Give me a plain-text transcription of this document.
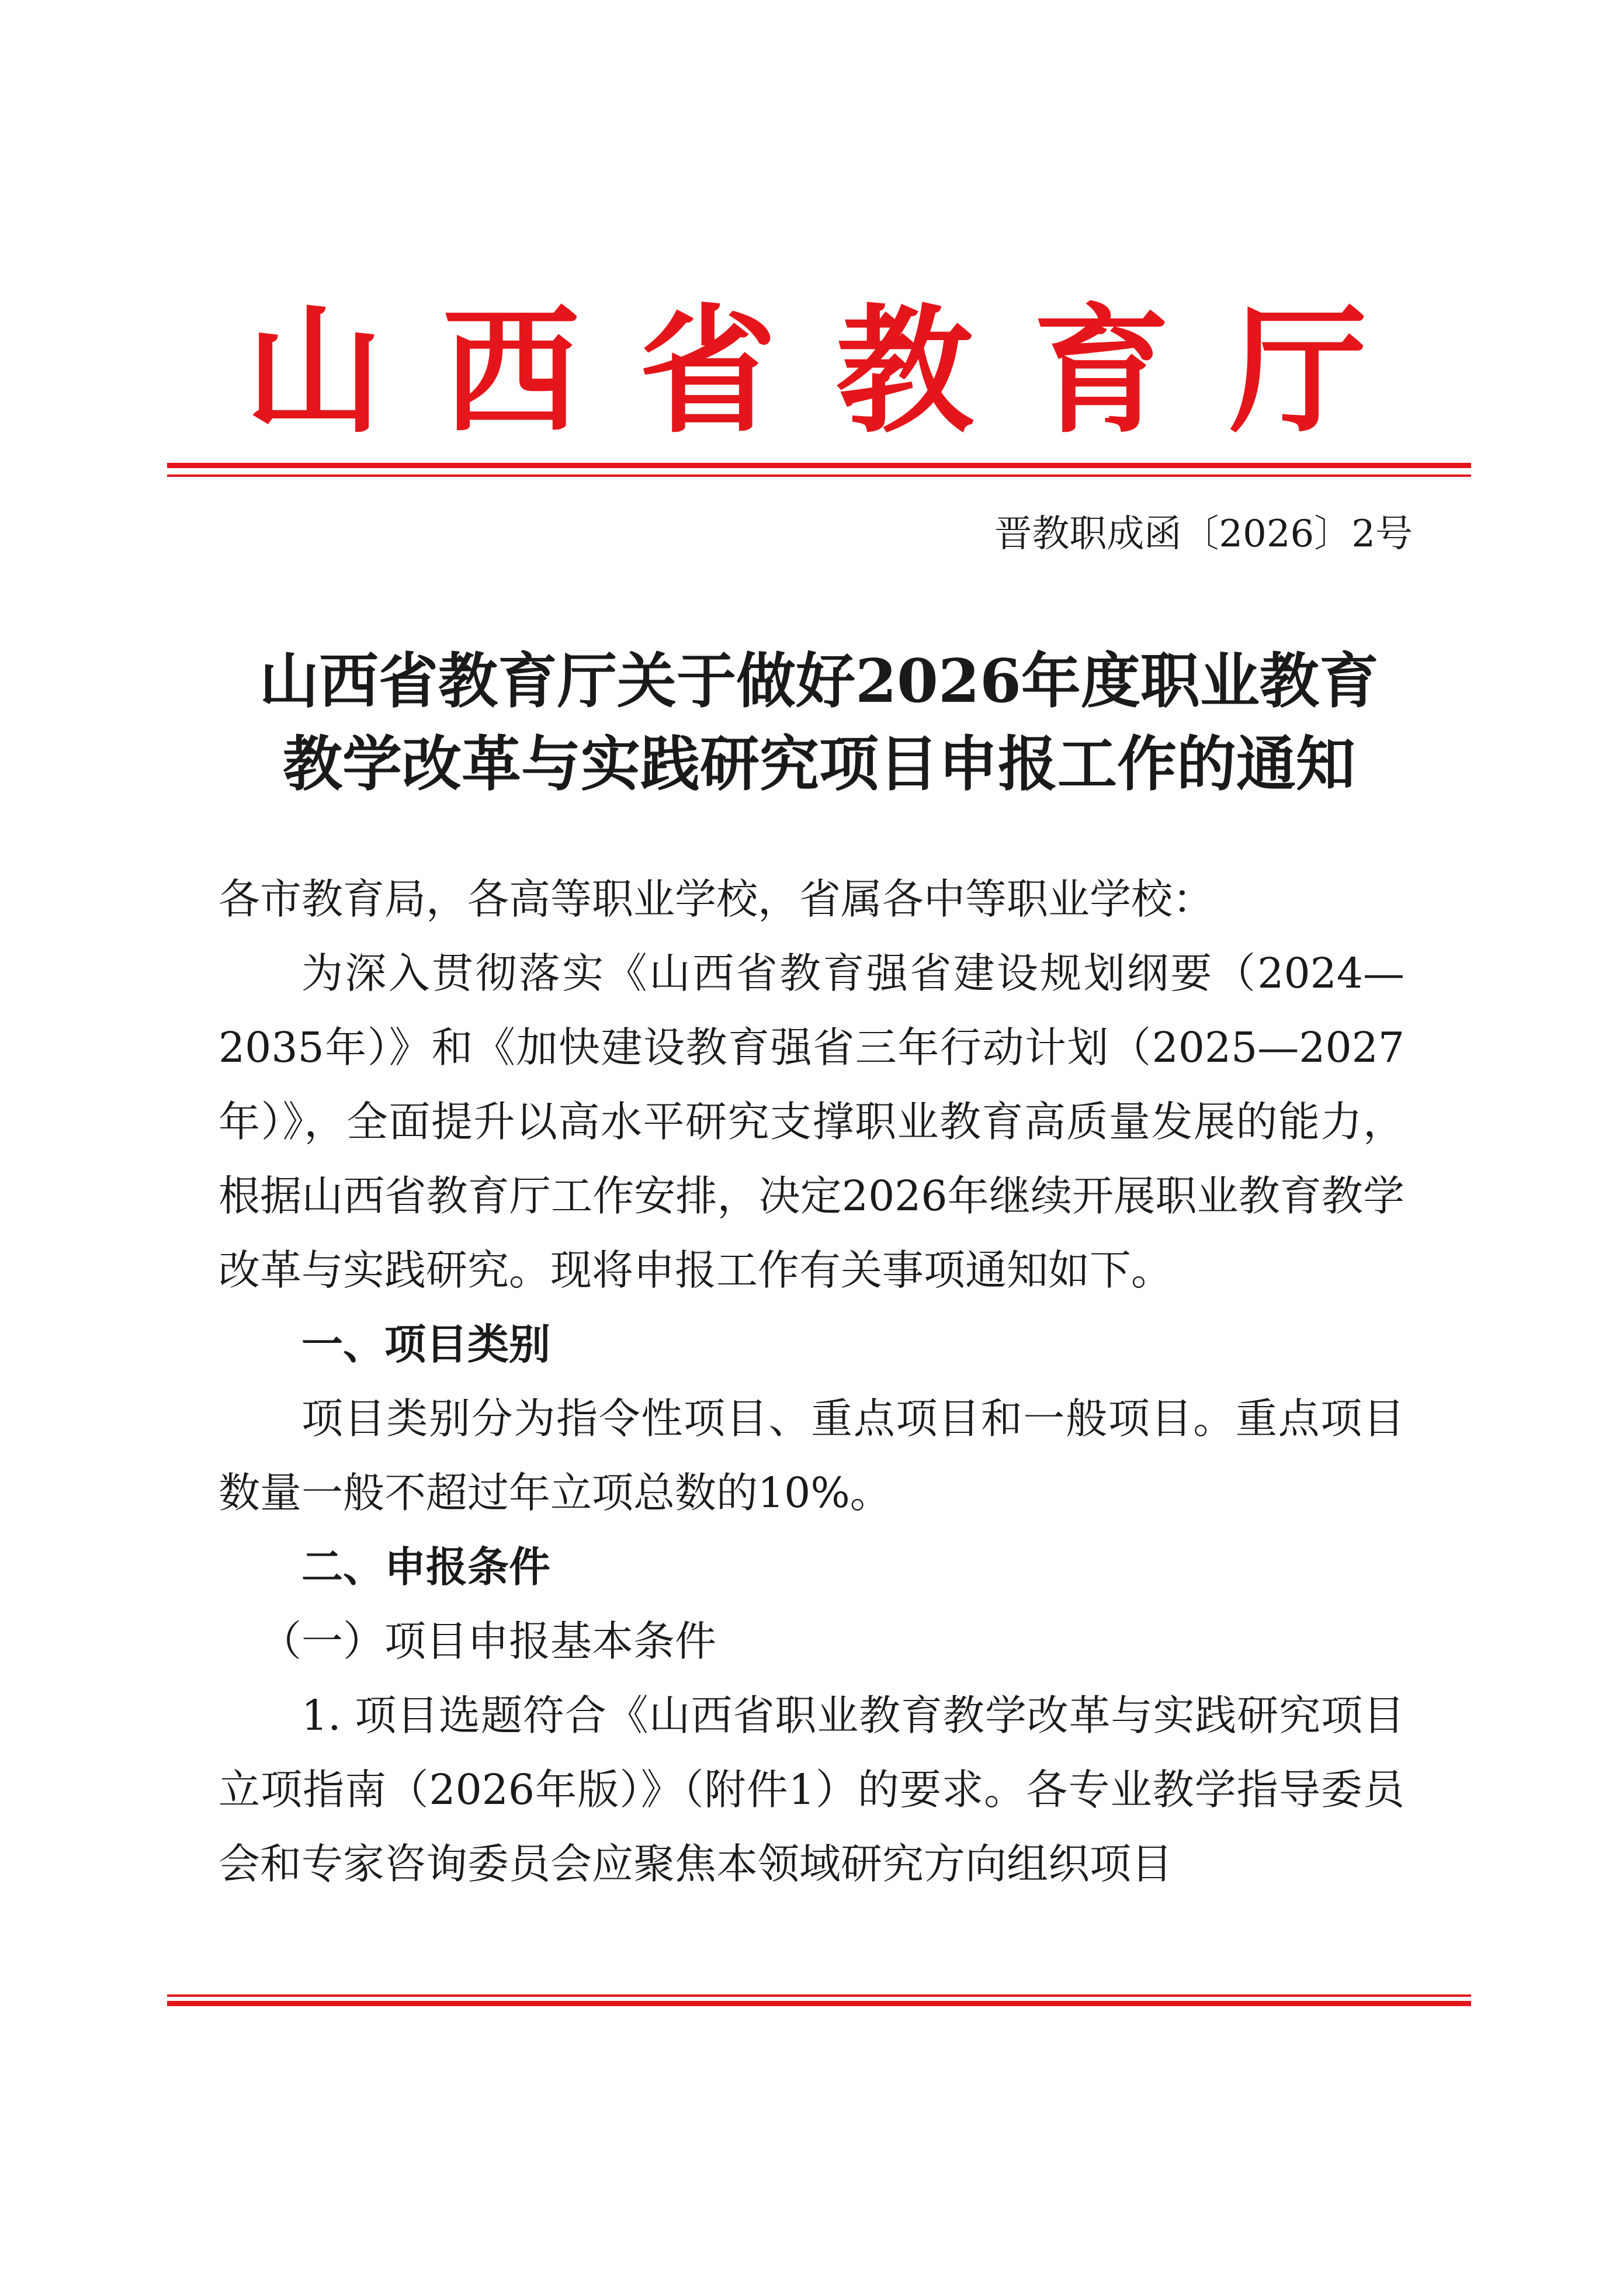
山 西 省 教 育 厅
晋教职成函〔2026〕2号
山西省教育厅关于做好2026年度职业教育
教学改革与实践研究项目申报工作的通知

各市教育局，各高等职业学校，省属各中等职业学校：

为深入贯彻落实《山西省教育强省建设规划纲要（2024—2035年）》和《加快建设教育强省三年行动计划（2025—2027年）》，全面提升以高水平研究支撑职业教育高质量发展的能力，根据山西省教育厅工作安排，决定2026年继续开展职业教育教学改革与实践研究。现将申报工作有关事项通知如下。

一、项目类别

项目类别分为指令性项目、重点项目和一般项目。重点项目数量一般不超过年立项总数的10%。

二、申报条件

（一）项目申报基本条件

1. 项目选题符合《山西省职业教育教学改革与实践研究项目立项指南（2026年版）》（附件1）的要求。各专业教学指导委员会和专家咨询委员会应聚焦本领域研究方向组织项目
